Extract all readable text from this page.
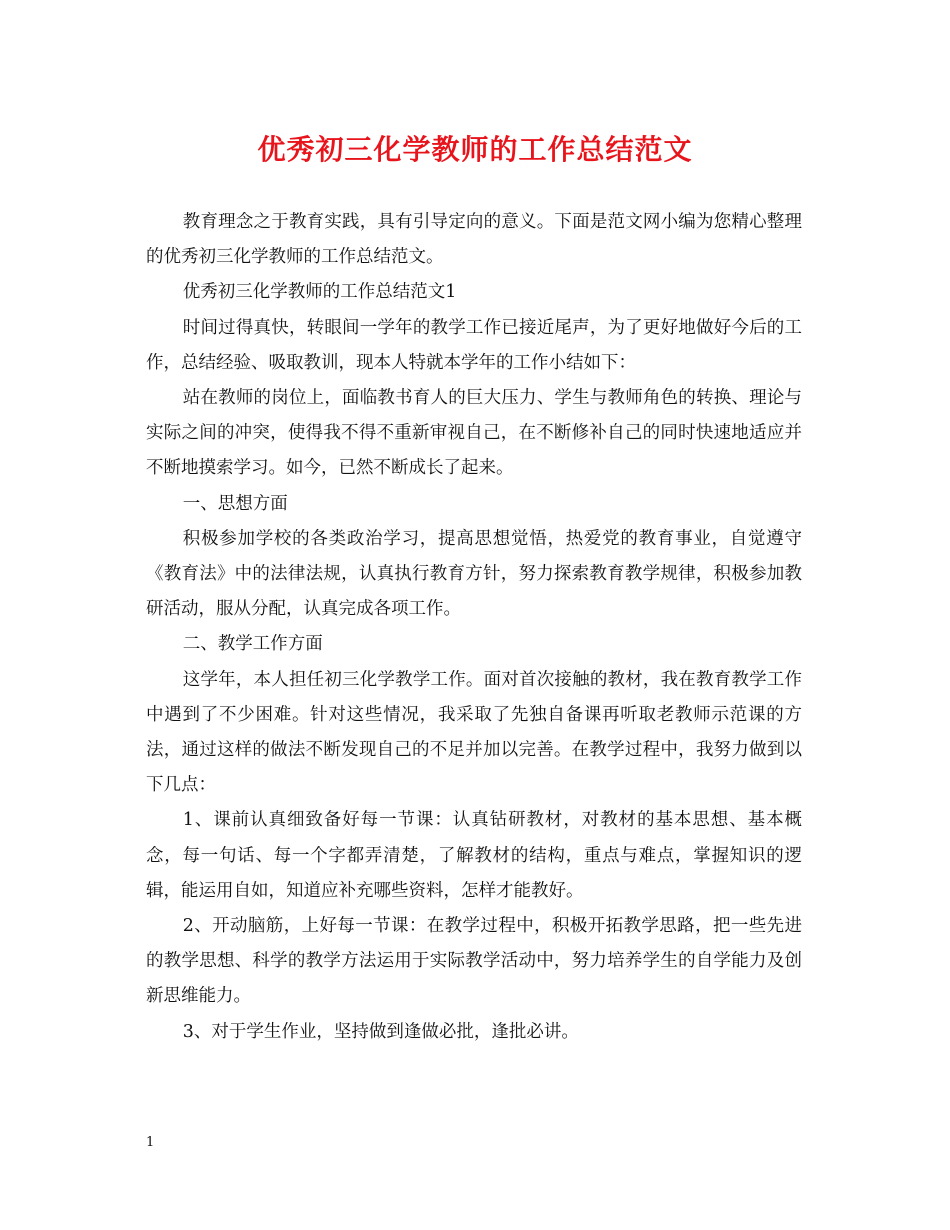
优秀初三化学教师的工作总结范文

教育理念之于教育实践，具有引导定向的意义。下面是范文网小编为您精心整理的优秀初三化学教师的工作总结范文。

优秀初三化学教师的工作总结范文1

时间过得真快，转眼间一学年的教学工作已接近尾声，为了更好地做好今后的工作，总结经验、吸取教训，现本人特就本学年的工作小结如下：

站在教师的岗位上，面临教书育人的巨大压力、学生与教师角色的转换、理论与实际之间的冲突，使得我不得不重新审视自己，在不断修补自己的同时快速地适应并不断地摸索学习。如今，已然不断成长了起来。

一、思想方面

积极参加学校的各类政治学习，提高思想觉悟，热爱党的教育事业，自觉遵守《教育法》中的法律法规，认真执行教育方针，努力探索教育教学规律，积极参加教研活动，服从分配，认真完成各项工作。

二、教学工作方面

这学年，本人担任初三化学教学工作。面对首次接触的教材，我在教育教学工作中遇到了不少困难。针对这些情况，我采取了先独自备课再听取老教师示范课的方法，通过这样的做法不断发现自己的不足并加以完善。在教学过程中，我努力做到以下几点：

1、课前认真细致备好每一节课：认真钻研教材，对教材的基本思想、基本概念，每一句话、每一个字都弄清楚，了解教材的结构，重点与难点，掌握知识的逻辑，能运用自如，知道应补充哪些资料，怎样才能教好。

2、开动脑筋，上好每一节课：在教学过程中，积极开拓教学思路，把一些先进的教学思想、科学的教学方法运用于实际教学活动中，努力培养学生的自学能力及创新思维能力。

3、对于学生作业，坚持做到逢做必批，逢批必讲。

1
